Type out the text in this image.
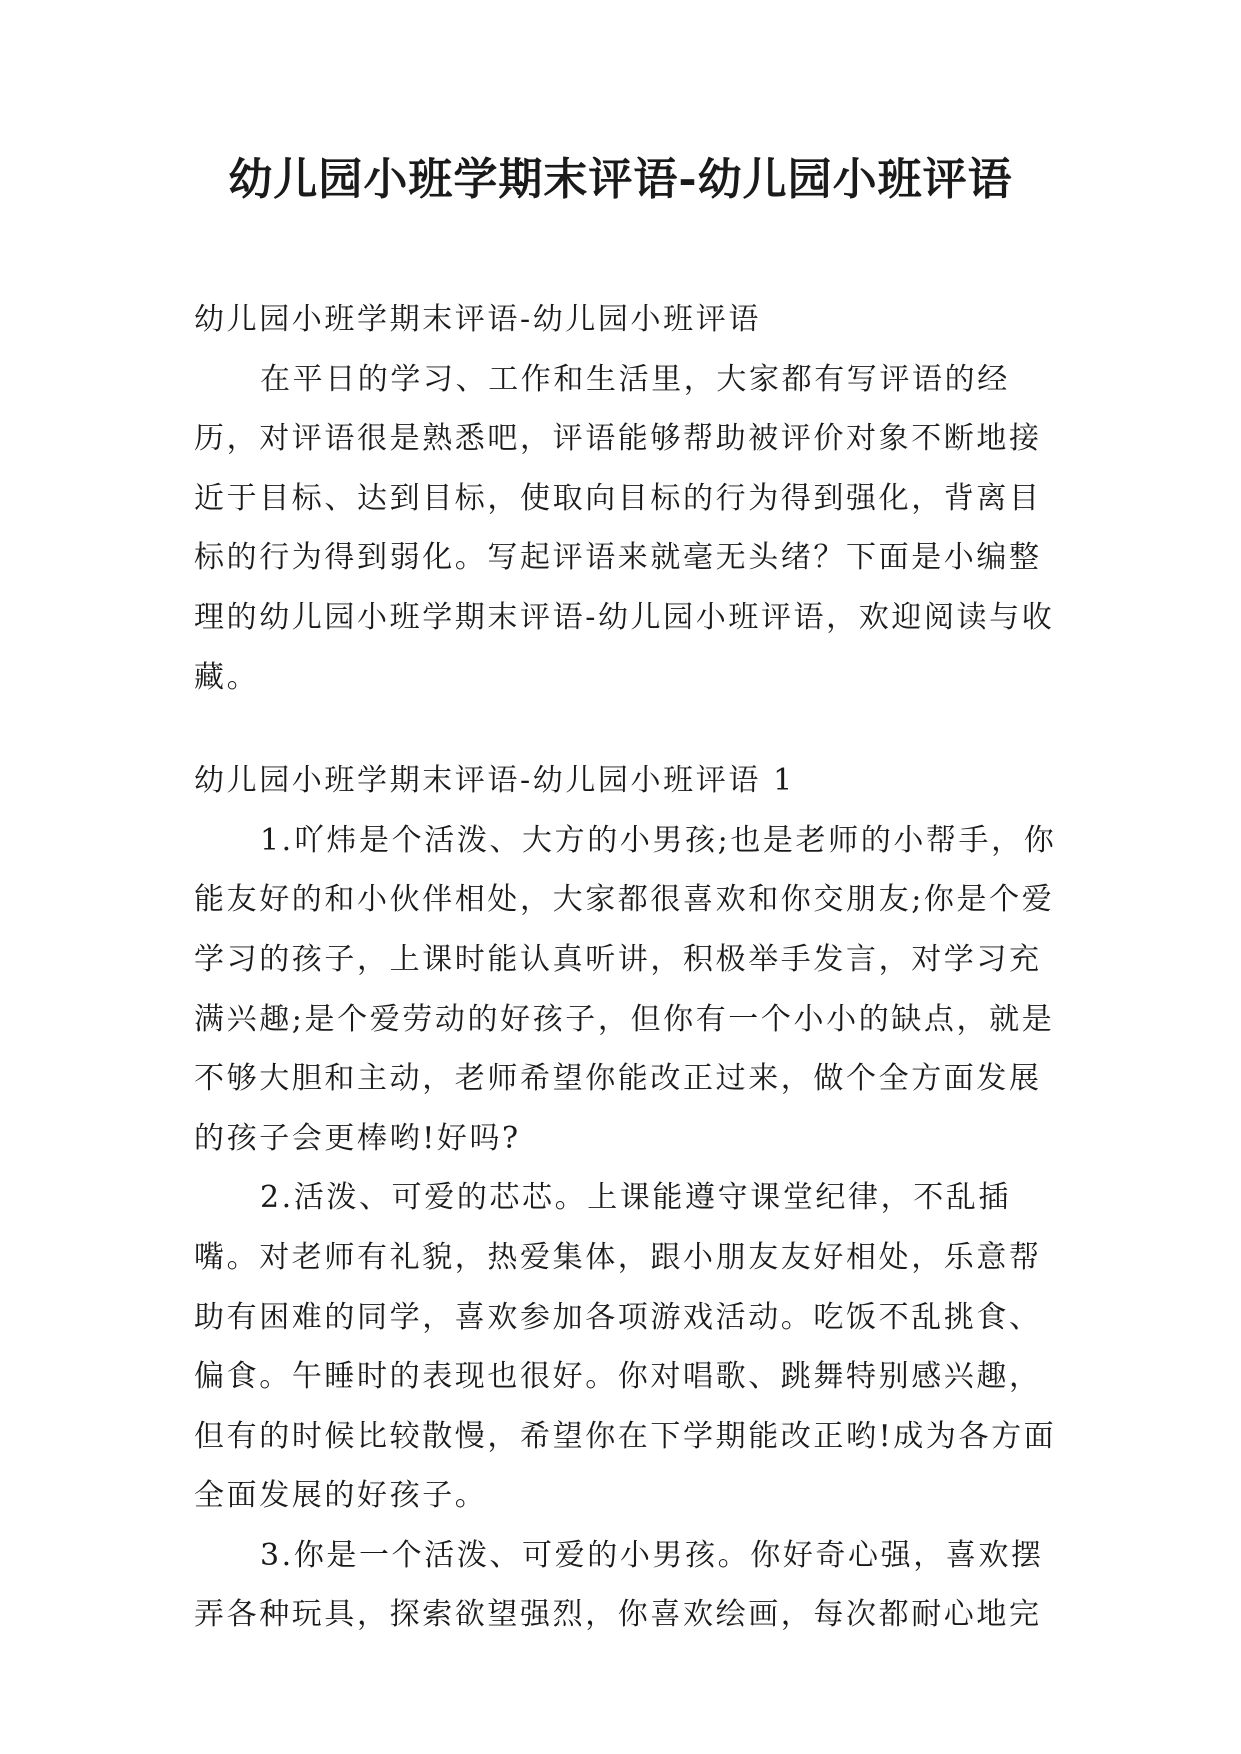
幼儿园小班学期末评语-幼儿园小班评语

幼儿园小班学期末评语-幼儿园小班评语

在平日的学习、工作和生活里，大家都有写评语的经历，对评语很是熟悉吧，评语能够帮助被评价对象不断地接近于目标、达到目标，使取向目标的行为得到强化，背离目标的行为得到弱化。写起评语来就毫无头绪？下面是小编整理的幼儿园小班学期末评语-幼儿园小班评语，欢迎阅读与收藏。

幼儿园小班学期末评语-幼儿园小班评语 1

1.吖炜是个活泼、大方的小男孩;也是老师的小帮手，你能友好的和小伙伴相处，大家都很喜欢和你交朋友;你是个爱学习的孩子，上课时能认真听讲，积极举手发言，对学习充满兴趣;是个爱劳动的好孩子，但你有一个小小的缺点，就是不够大胆和主动，老师希望你能改正过来，做个全方面发展的孩子会更棒哟!好吗?

2.活泼、可爱的芯芯。上课能遵守课堂纪律，不乱插嘴。对老师有礼貌，热爱集体，跟小朋友友好相处，乐意帮助有困难的同学，喜欢参加各项游戏活动。吃饭不乱挑食、偏食。午睡时的表现也很好。你对唱歌、跳舞特别感兴趣，但有的时候比较散慢，希望你在下学期能改正哟!成为各方面全面发展的好孩子。

3.你是一个活泼、可爱的小男孩。你好奇心强，喜欢摆弄各种玩具，探索欲望强烈，你喜欢绘画，每次都耐心地完
